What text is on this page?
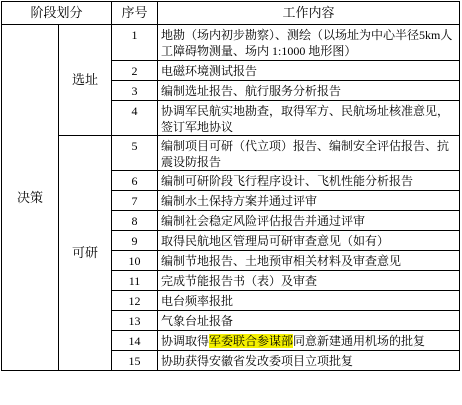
阶段划分		序号	工作内容
决策	选址	1	地勘（场内初步勘察）、测绘（以场址为中心半径5km人工障碍物测量、场内 1:1000 地形图）
		2	电磁环境测试报告
		3	编制选址报告、航行服务分析报告
		4	协调军民航实地勘查，取得军方、民航场址核准意见，签订军地协议
	可研	5	编制项目可研（代立项）报告、编制安全评估报告、抗震设防报告
		6	编制可研阶段飞行程序设计、飞机性能分析报告
		7	编制水土保持方案并通过评审
		8	编制社会稳定风险评估报告并通过评审
		9	取得民航地区管理局可研审查意见（如有）
		10	编制节地报告、土地预审相关材料及审查意见
		11	完成节能报告书（表）及审查
		12	电台频率报批
		13	气象台址报备
		14	协调取得军委联合参谋部同意新建通用机场的批复
		15	协助获得安徽省发改委项目立项批复
